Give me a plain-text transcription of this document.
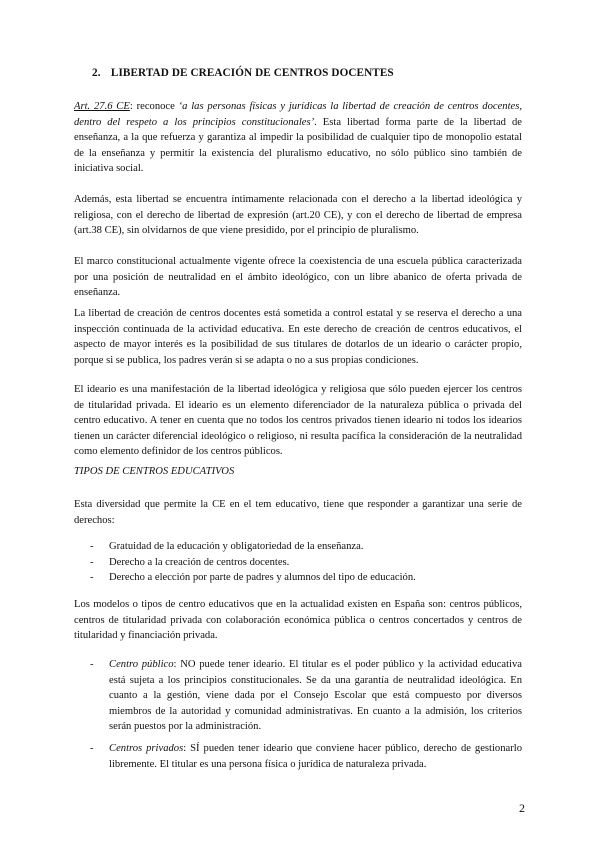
2. LIBERTAD DE CREACIÓN DE CENTROS DOCENTES
Art. 27.6 CE: reconoce ‘a las personas físicas y jurídicas la libertad de creación de centros docentes, dentro del respeto a los principios constitucionales’. Esta libertad forma parte de la libertad de enseñanza, a la que refuerza y garantiza al impedir la posibilidad de cualquier tipo de monopolio estatal de la enseñanza y permitir la existencia del pluralismo educativo, no sólo público sino también de iniciativa social.
Además, esta libertad se encuentra íntimamente relacionada con el derecho a la libertad ideológica y religiosa, con el derecho de libertad de expresión (art.20 CE), y con el derecho de libertad de empresa (art.38 CE), sin olvidarnos de que viene presidido, por el principio de pluralismo.
El marco constitucional actualmente vigente ofrece la coexistencia de una escuela pública caracterizada por una posición de neutralidad en el ámbito ideológico, con un libre abanico de oferta privada de enseñanza.
La libertad de creación de centros docentes está sometida a control estatal y se reserva el derecho a una inspección continuada de la actividad educativa. En este derecho de creación de centros educativos, el aspecto de mayor interés es la posibilidad de sus titulares de dotarlos de un ideario o carácter propio, porque si se publica, los padres verán si se adapta o no a sus propias condiciones.
El ideario es una manifestación de la libertad ideológica y religiosa que sólo pueden ejercer los centros de titularidad privada. El ideario es un elemento diferenciador de la naturaleza pública o privada del centro educativo. A tener en cuenta que no todos los centros privados tienen ideario ni todos los idearios tienen un carácter diferencial ideológico o religioso, ni resulta pacífica la consideración de la neutralidad como elemento definidor de los centros públicos.
TIPOS DE CENTROS EDUCATIVOS
Esta diversidad que permite la CE en el tem educativo, tiene que responder a garantizar una serie de derechos:
- Gratuidad de la educación y obligatoriedad de la enseñanza.
- Derecho a la creación de centros docentes.
- Derecho a elección por parte de padres y alumnos del tipo de educación.
Los modelos o tipos de centro educativos que en la actualidad existen en España son: centros públicos, centros de titularidad privada con colaboración económica pública o centros concertados y centros de titularidad y financiación privada.
- Centro público: NO puede tener ideario. El titular es el poder público y la actividad educativa está sujeta a los principios constitucionales. Se da una garantía de neutralidad ideológica. En cuanto a la gestión, viene dada por el Consejo Escolar que está compuesto por diversos miembros de la autoridad y comunidad administrativas. En cuanto a la admisión, los criterios serán puestos por la administración.
- Centros privados: SÍ pueden tener ideario que conviene hacer público, derecho de gestionarlo libremente. El titular es una persona física o jurídica de naturaleza privada.
2
